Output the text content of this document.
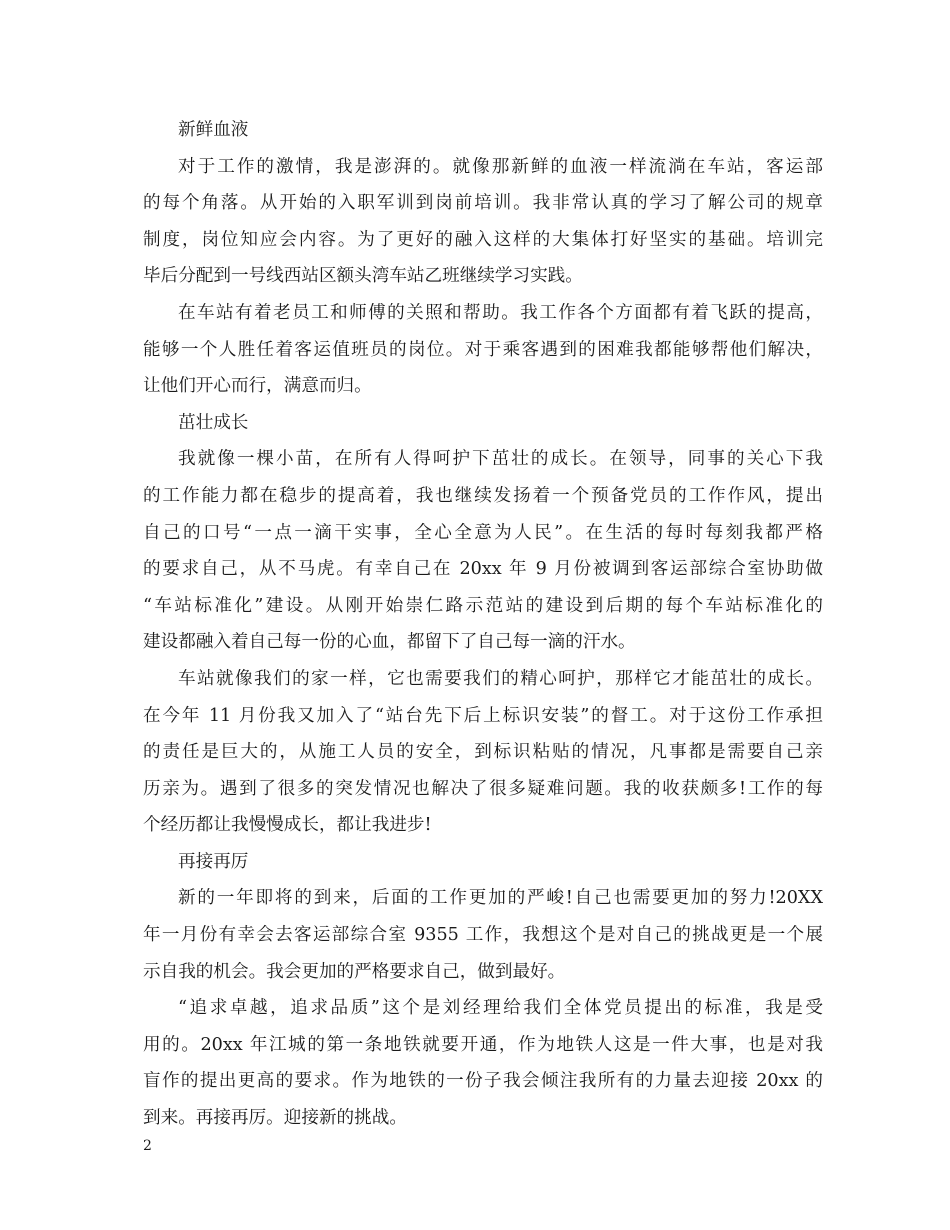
新鲜血液
对于工作的激情，我是澎湃的。就像那新鲜的血液一样流淌在车站，客运部
的每个角落。从开始的入职军训到岗前培训。我非常认真的学习了解公司的规章
制度，岗位知应会内容。为了更好的融入这样的大集体打好坚实的基础。培训完
毕后分配到一号线西站区额头湾车站乙班继续学习实践。
在车站有着老员工和师傅的关照和帮助。我工作各个方面都有着飞跃的提高，
能够一个人胜任着客运值班员的岗位。对于乘客遇到的困难我都能够帮他们解决，
让他们开心而行，满意而归。
茁壮成长
我就像一棵小苗，在所有人得呵护下茁壮的成长。在领导，同事的关心下我
的工作能力都在稳步的提高着，我也继续发扬着一个预备党员的工作作风，提出
自己的口号“一点一滴干实事，全心全意为人民”。在生活的每时每刻我都严格
的要求自己，从不马虎。有幸自己在 20xx 年 9 月份被调到客运部综合室协助做
“车站标准化”建设。从刚开始崇仁路示范站的建设到后期的每个车站标准化的
建设都融入着自己每一份的心血，都留下了自己每一滴的汗水。
车站就像我们的家一样，它也需要我们的精心呵护，那样它才能茁壮的成长。
在今年 11 月份我又加入了“站台先下后上标识安装”的督工。对于这份工作承担
的责任是巨大的，从施工人员的安全，到标识粘贴的情况，凡事都是需要自己亲
历亲为。遇到了很多的突发情况也解决了很多疑难问题。我的收获颇多!工作的每
个经历都让我慢慢成长，都让我进步!
再接再厉
新的一年即将的到来，后面的工作更加的严峻!自己也需要更加的努力!20XX
年一月份有幸会去客运部综合室 9355 工作，我想这个是对自己的挑战更是一个展
示自我的机会。我会更加的严格要求自己，做到最好。
“追求卓越，追求品质”这个是刘经理给我们全体党员提出的标准，我是受
用的。20xx 年江城的第一条地铁就要开通，作为地铁人这是一件大事，也是对我
盲作的提出更高的要求。作为地铁的一份子我会倾注我所有的力量去迎接 20xx 的
到来。再接再厉。迎接新的挑战。
2
